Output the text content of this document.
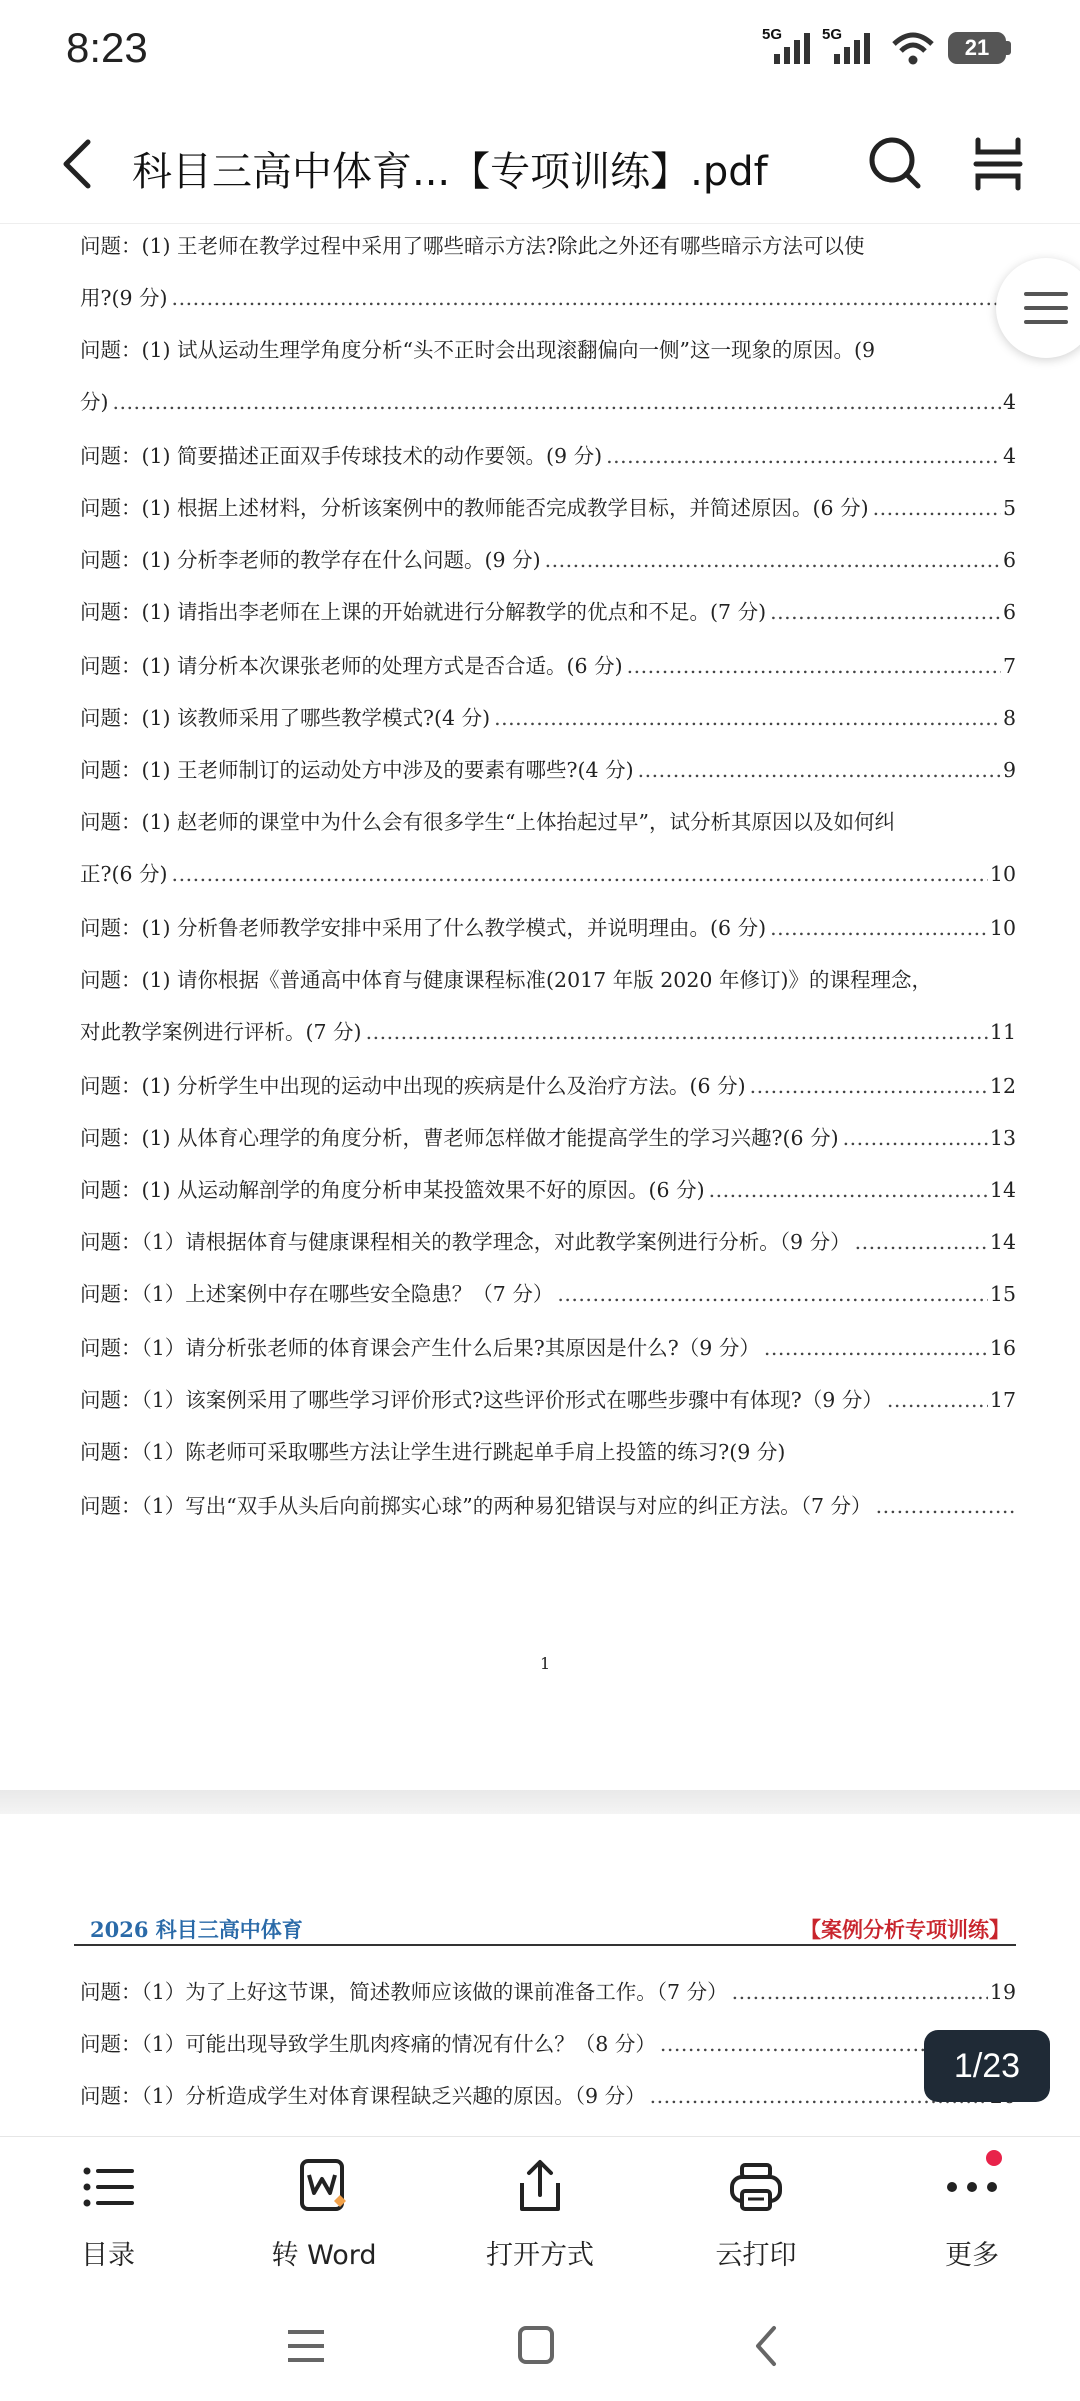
8:23	5G	5G
21
科目三高中体育...【专项训练】.pdf
问题：(1) 王老师在教学过程中采用了哪些暗示方法?除此之外还有哪些暗示方法可以使
用?(9 分)
.....
问题：(1) 试从运动生理学角度分析“头不正时会出现滚翻偏向一侧”这一现象的原因。(9
分) .....	4
问题：(1) 简要描述正面双手传球技术的动作要领。(9 分) .....	4
问题：(1) 根据上述材料，分析该案例中的教师能否完成教学目标，并简述原因。(6 分) .....	5
问题：(1) 分析李老师的教学存在什么问题。(9 分) .....	6
问题：(1) 请指出李老师在上课的开始就进行分解教学的优点和不足。(7 分) .....	6
问题：(1) 请分析本次课张老师的处理方式是否合适。(6 分) .....	7
问题：(1) 该教师采用了哪些教学模式?(4 分) .....	8
问题：(1) 王老师制订的运动处方中涉及的要素有哪些?(4 分) .....	9
问题：(1) 赵老师的课堂中为什么会有很多学生“上体抬起过早”，试分析其原因以及如何纠
正?(6 分) .....	10
问题：(1) 分析鲁老师教学安排中采用了什么教学模式，并说明理由。(6 分) .....	10
问题：(1) 请你根据《普通高中体育与健康课程标准(2017 年版 2020 年修订)》的课程理念，
对此教学案例进行评析。(7 分) .....	11
问题：(1) 分析学生中出现的运动中出现的疾病是什么及治疗方法。(6 分) .....	12
问题：(1) 从体育心理学的角度分析，曹老师怎样做才能提高学生的学习兴趣?(6 分) .....	13
问题：(1) 从运动解剖学的角度分析申某投篮效果不好的原因。(6 分) .....	14
问题：（1）请根据体育与健康课程相关的教学理念，对此教学案例进行分析。（9 分） .....	14
问题：（1）上述案例中存在哪些安全隐患？（7 分） .....	15
问题：（1）请分析张老师的体育课会产生什么后果?其原因是什么?（9 分） .....	16
问题：（1）该案例采用了哪些学习评价形式?这些评价形式在哪些步骤中有体现?（9 分） .....	17
问题：（1）陈老师可采取哪些方法让学生进行跳起单手肩上投篮的练习?(9 分)
问题：（1）写出“双手从头后向前掷实心球”的两种易犯错误与对应的纠正方法。（7 分）
.....
1
2026 科目三高中体育	【案例分析专项训练】
问题：（1）为了上好这节课，简述教师应该做的课前准备工作。（7 分） .....	19
问题：（1）可能出现导致学生肌肉疼痛的情况有什么？（8 分）
.....
问题：（1）分析造成学生对体育课程缺乏兴趣的原因。（9 分）
.....
1/23
目录	转 Word	打开方式	云打印	更多
